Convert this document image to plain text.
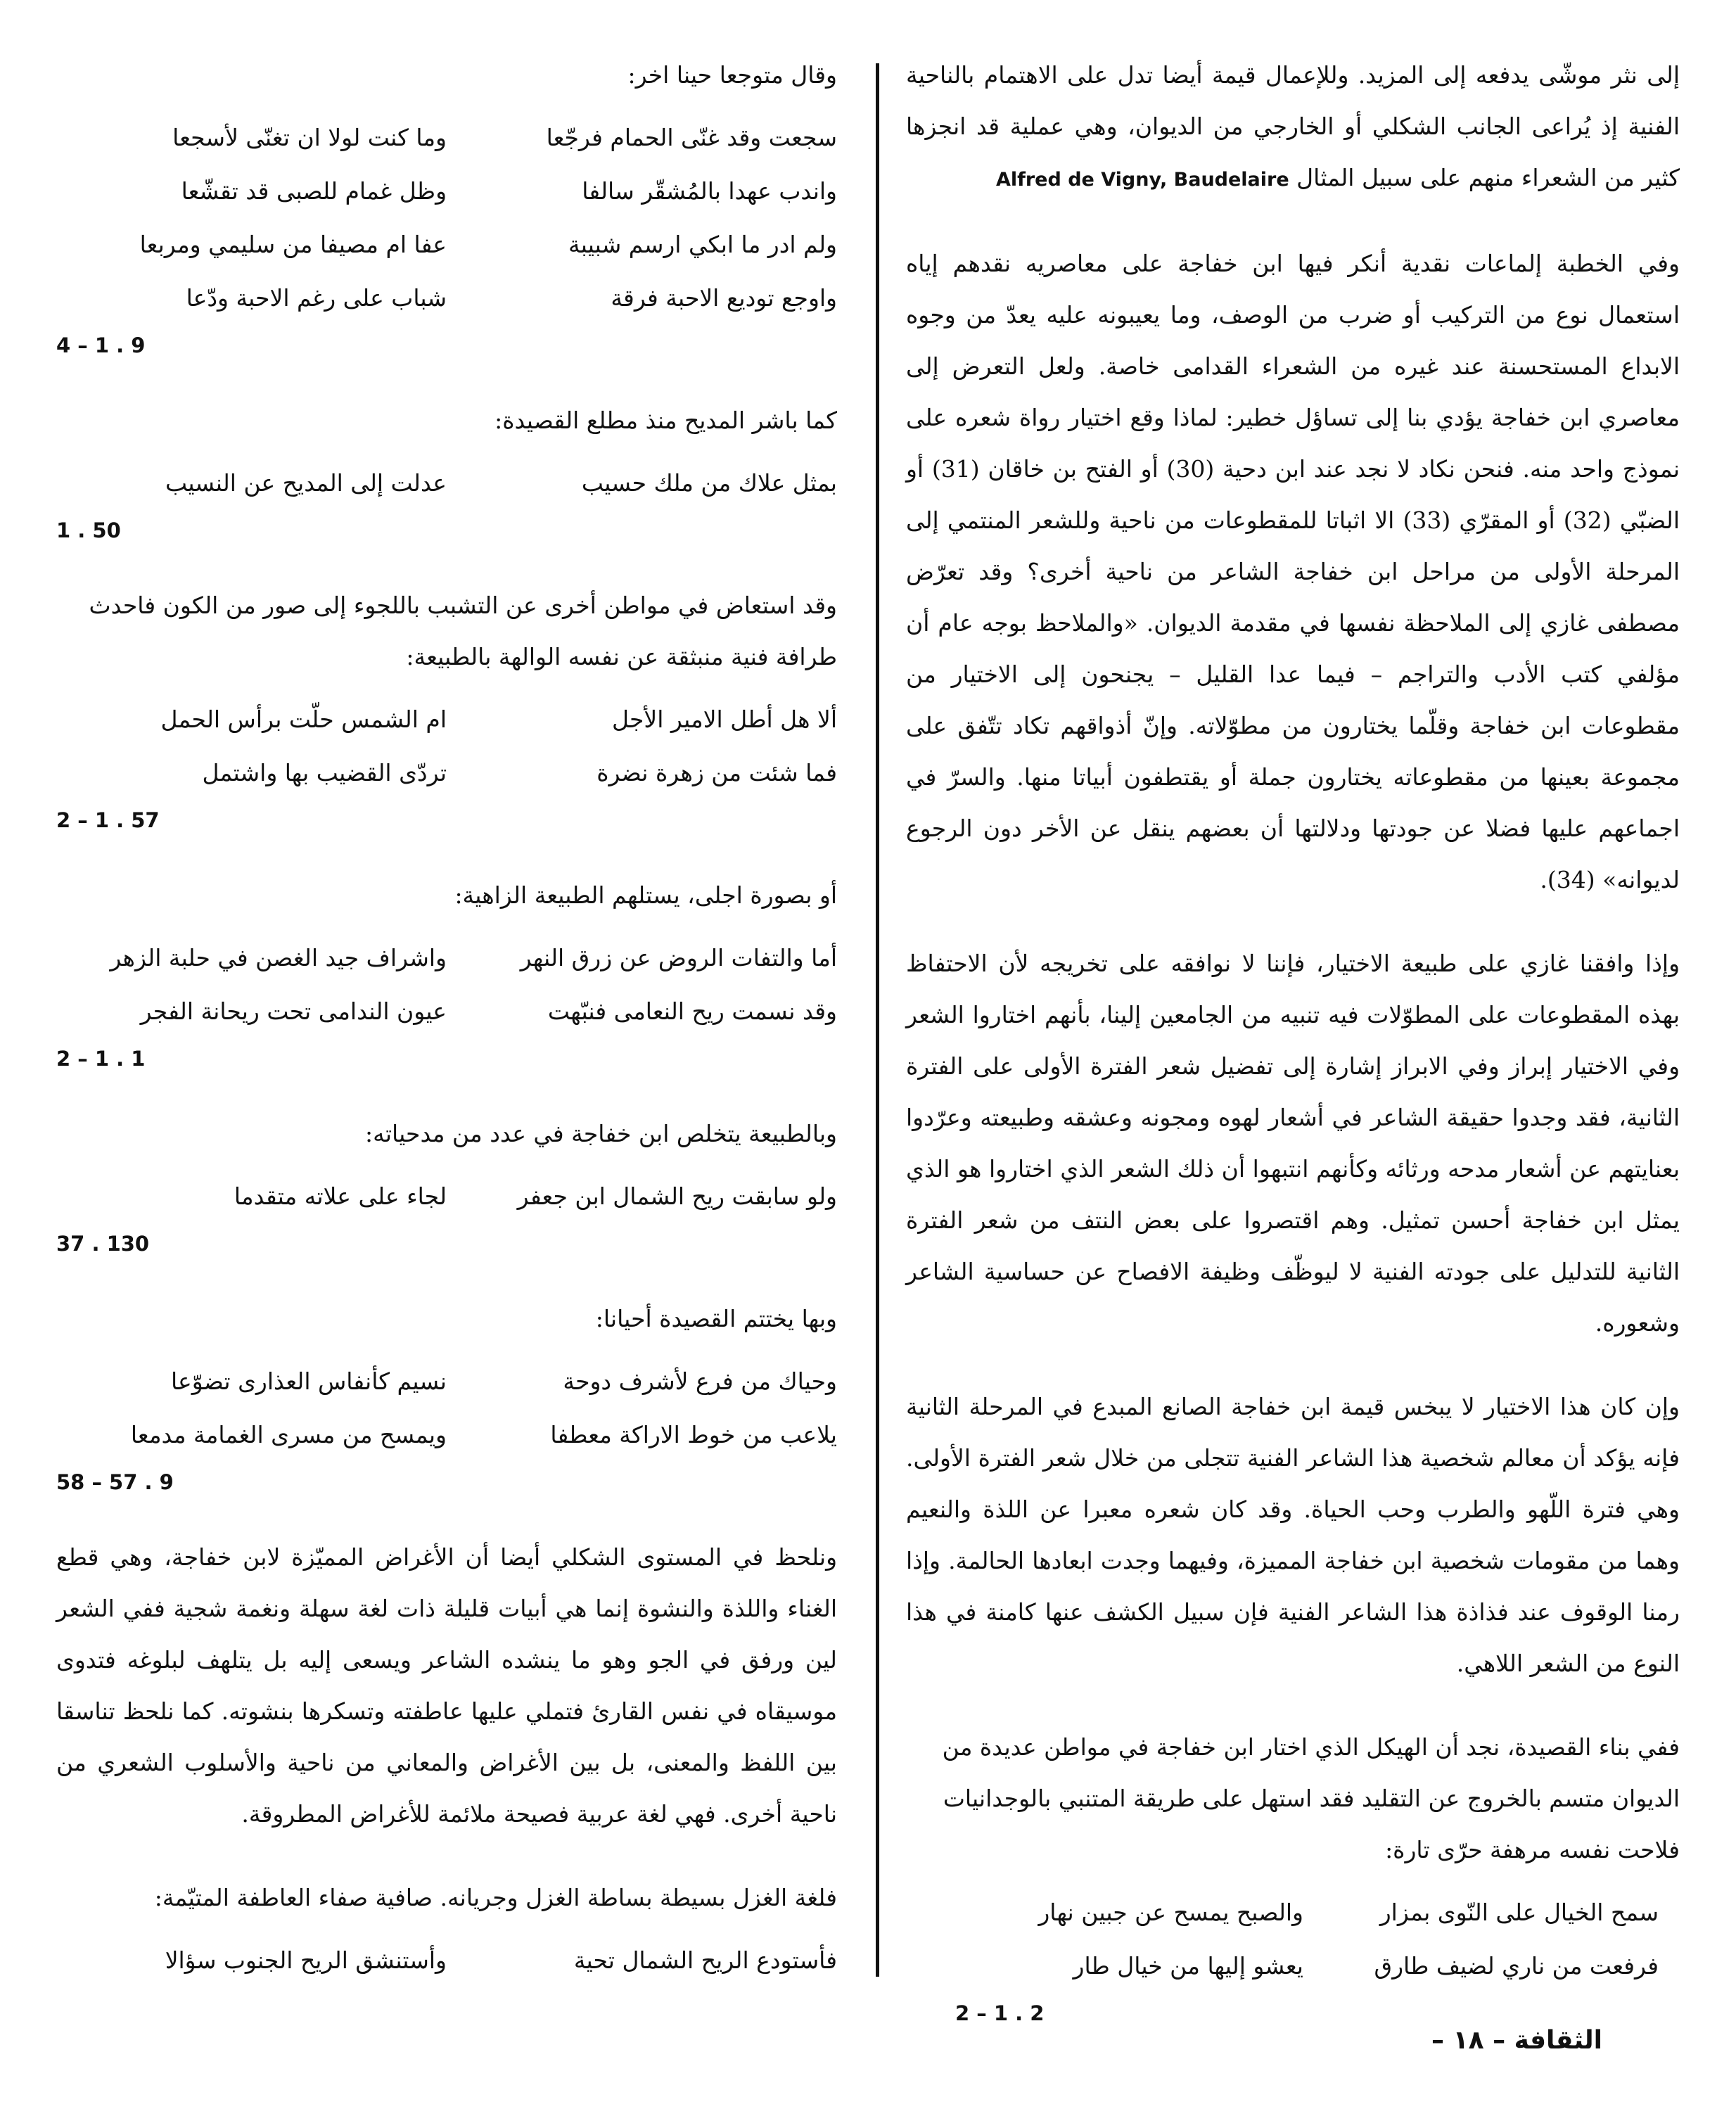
إلى نثر موشّى يدفعه إلى المزيد. وللإعمال قيمة أيضا تدل على الاهتمام بالناحية الفنية إذ يُراعى الجانب الشكلي أو الخارجي من الديوان، وهي عملية قد انجزها كثير من الشعراء منهم على سبيل المثال Alfred de Vigny, Baudelaire

وفي الخطبة إلماعات نقدية أنكر فيها ابن خفاجة على معاصريه نقدهم إياه استعمال نوع من التركيب أو ضرب من الوصف، وما يعيبونه عليه يعدّ من وجوه الابداع المستحسنة عند غيره من الشعراء القدامى خاصة. ولعل التعرض إلى معاصري ابن خفاجة يؤدي بنا إلى تساؤل خطير: لماذا وقع اختيار رواة شعره على نموذج واحد منه. فنحن نكاد لا نجد عند ابن دحية (30) أو الفتح بن خاقان (31) أو الضبّي (32) أو المقرّي (33) الا اثباتا للمقطوعات من ناحية وللشعر المنتمي إلى المرحلة الأولى من مراحل ابن خفاجة الشاعر من ناحية أخرى؟ وقد تعرّض مصطفى غازي إلى الملاحظة نفسها في مقدمة الديوان. «والملاحظ بوجه عام أن مؤلفي كتب الأدب والتراجم – فيما عدا القليل – يجنحون إلى الاختيار من مقطوعات ابن خفاجة وقلّما يختارون من مطوّلاته. وإنّ أذواقهم تكاد تتّفق على مجموعة بعينها من مقطوعاته يختارون جملة أو يقتطفون أبياتا منها. والسرّ في اجماعهم عليها فضلا عن جودتها ودلالتها أن بعضهم ينقل عن الأخر دون الرجوع لديوانه» (34).

وإذا وافقنا غازي على طبيعة الاختيار، فإننا لا نوافقه على تخريجه لأن الاحتفاظ بهذه المقطوعات على المطوّلات فيه تنبيه من الجامعين إلينا، بأنهم اختاروا الشعر وفي الاختيار إبراز وفي الابراز إشارة إلى تفضيل شعر الفترة الأولى على الفترة الثانية، فقد وجدوا حقيقة الشاعر في أشعار لهوه ومجونه وعشقه وطبيعته وعرّدوا بعنايتهم عن أشعار مدحه ورثائه وكأنهم انتبهوا أن ذلك الشعر الذي اختاروا هو الذي يمثل ابن خفاجة أحسن تمثيل. وهم اقتصروا على بعض النتف من شعر الفترة الثانية للتدليل على جودته الفنية لا ليوظّف وظيفة الافصاح عن حساسية الشاعر وشعوره.

وإن كان هذا الاختيار لا يبخس قيمة ابن خفاجة الصانع المبدع في المرحلة الثانية فإنه يؤكد أن معالم شخصية هذا الشاعر الفنية تتجلى من خلال شعر الفترة الأولى. وهي فترة اللّهو والطرب وحب الحياة. وقد كان شعره معبرا عن اللذة والنعيم وهما من مقومات شخصية ابن خفاجة المميزة، وفيهما وجدت ابعادها الحالمة. وإذا رمنا الوقوف عند فذاذة هذا الشاعر الفنية فإن سبيل الكشف عنها كامنة في هذا النوع من الشعر اللاهي.

ففي بناء القصيدة، نجد أن الهيكل الذي اختار ابن خفاجة في مواطن عديدة من الديوان متسم بالخروج عن التقليد فقد استهل على طريقة المتنبي بالوجدانيات فلاحت نفسه مرهفة حرّى تارة:

سمح الخيال على النّوى بمزار
والصبح يمسح عن جبين نهار
فرفعت من ناري لضيف طارق
يعشو إليها من خيال طار
2 – 1 . 2

وقال متوجعا حينا اخر:

سجعت وقد غنّى الحمام فرجّعا
وما كنت لولا ان تغنّى لأسجعا
واندب عهدا بالمُشقّر سالفا
وظل غمام للصبى قد تقشّعا
ولم ادر ما ابكي ارسم شبيبة
عفا ام مصيفا من سليمي ومربعا
واوجع توديع الاحبة فرقة
شباب على رغم الاحبة ودّعا
4 – 1 . 9

كما باشر المديح منذ مطلع القصيدة:

بمثل علاك من ملك حسيب
عدلت إلى المديح عن النسيب
1 . 50

وقد استعاض في مواطن أخرى عن التشبب باللجوء إلى صور من الكون فاحدث طرافة فنية منبثقة عن نفسه الوالهة بالطبيعة:

ألا هل أطل الامير الأجل
ام الشمس حلّت برأس الحمل
فما شئت من زهرة نضرة
تردّى القضيب بها واشتمل
2 – 1 . 57

أو بصورة اجلى، يستلهم الطبيعة الزاهية:

أما والتفات الروض عن زرق النهر
واشراف جيد الغصن في حلبة الزهر
وقد نسمت ريح النعامى فنبّهت
عيون الندامى تحت ريحانة الفجر
2 – 1 . 1

وبالطبيعة يتخلص ابن خفاجة في عدد من مدحياته:

ولو سابقت ريح الشمال ابن جعفر
لجاء على علاته متقدما
37 . 130

وبها يختتم القصيدة أحيانا:

وحياك من فرع لأشرف دوحة
نسيم كأنفاس العذارى تضوّعا
يلاعب من خوط الاراكة معطفا
ويمسح من مسرى الغمامة مدمعا
58 – 57 . 9

ونلحظ في المستوى الشكلي أيضا أن الأغراض المميّزة لابن خفاجة، وهي قطع الغناء واللذة والنشوة إنما هي أبيات قليلة ذات لغة سهلة ونغمة شجية ففي الشعر لين ورفق في الجو وهو ما ينشده الشاعر ويسعى إليه بل يتلهف لبلوغه فتدوى موسيقاه في نفس القارئ فتملي عليها عاطفته وتسكرها بنشوته. كما نلحظ تناسقا بين اللفظ والمعنى، بل بين الأغراض والمعاني من ناحية والأسلوب الشعري من ناحية أخرى. فهي لغة عربية فصيحة ملائمة للأغراض المطروقة.

فلغة الغزل بسيطة بساطة الغزل وجريانه. صافية صفاء العاطفة المتيّمة:

فأستودع الريح الشمال تحية
وأستنشق الريح الجنوب سؤالا
الثقافة – ١٨ –
